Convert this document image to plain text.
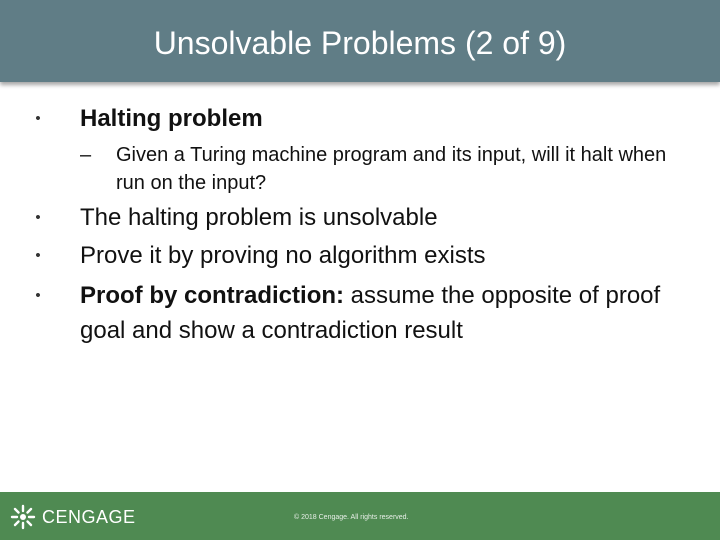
Unsolvable Problems (2 of 9)
• Halting problem
– Given a Turing machine program and its input, will it halt when run on the input?
• The halting problem is unsolvable
• Prove it by proving no algorithm exists
• Proof by contradiction: assume the opposite of proof goal and show a contradiction result
CENGAGE	© 2018 Cengage. All rights reserved.
